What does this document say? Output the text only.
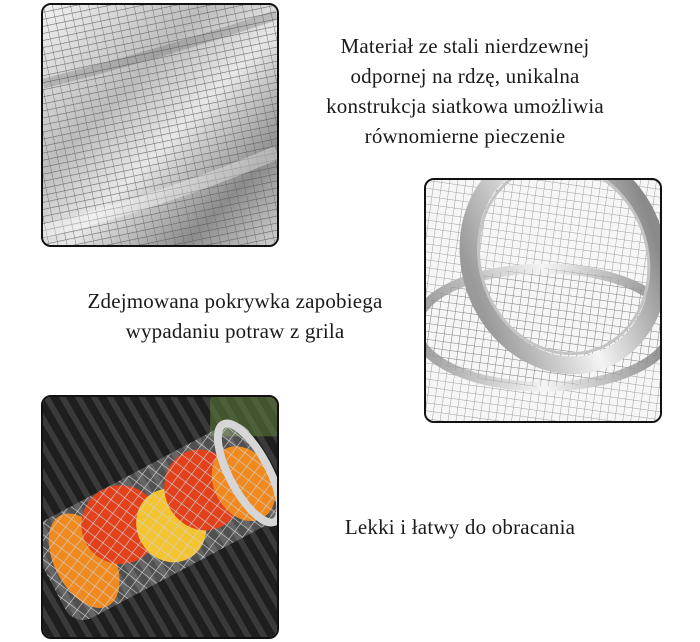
Materiał ze stali nierdzewnej
odpornej na rdzę, unikalna
konstrukcja siatkowa umożliwia
równomierne pieczenie
Zdejmowana pokrywka zapobiega
wypadaniu potraw z grila
Lekki i łatwy do obracania
